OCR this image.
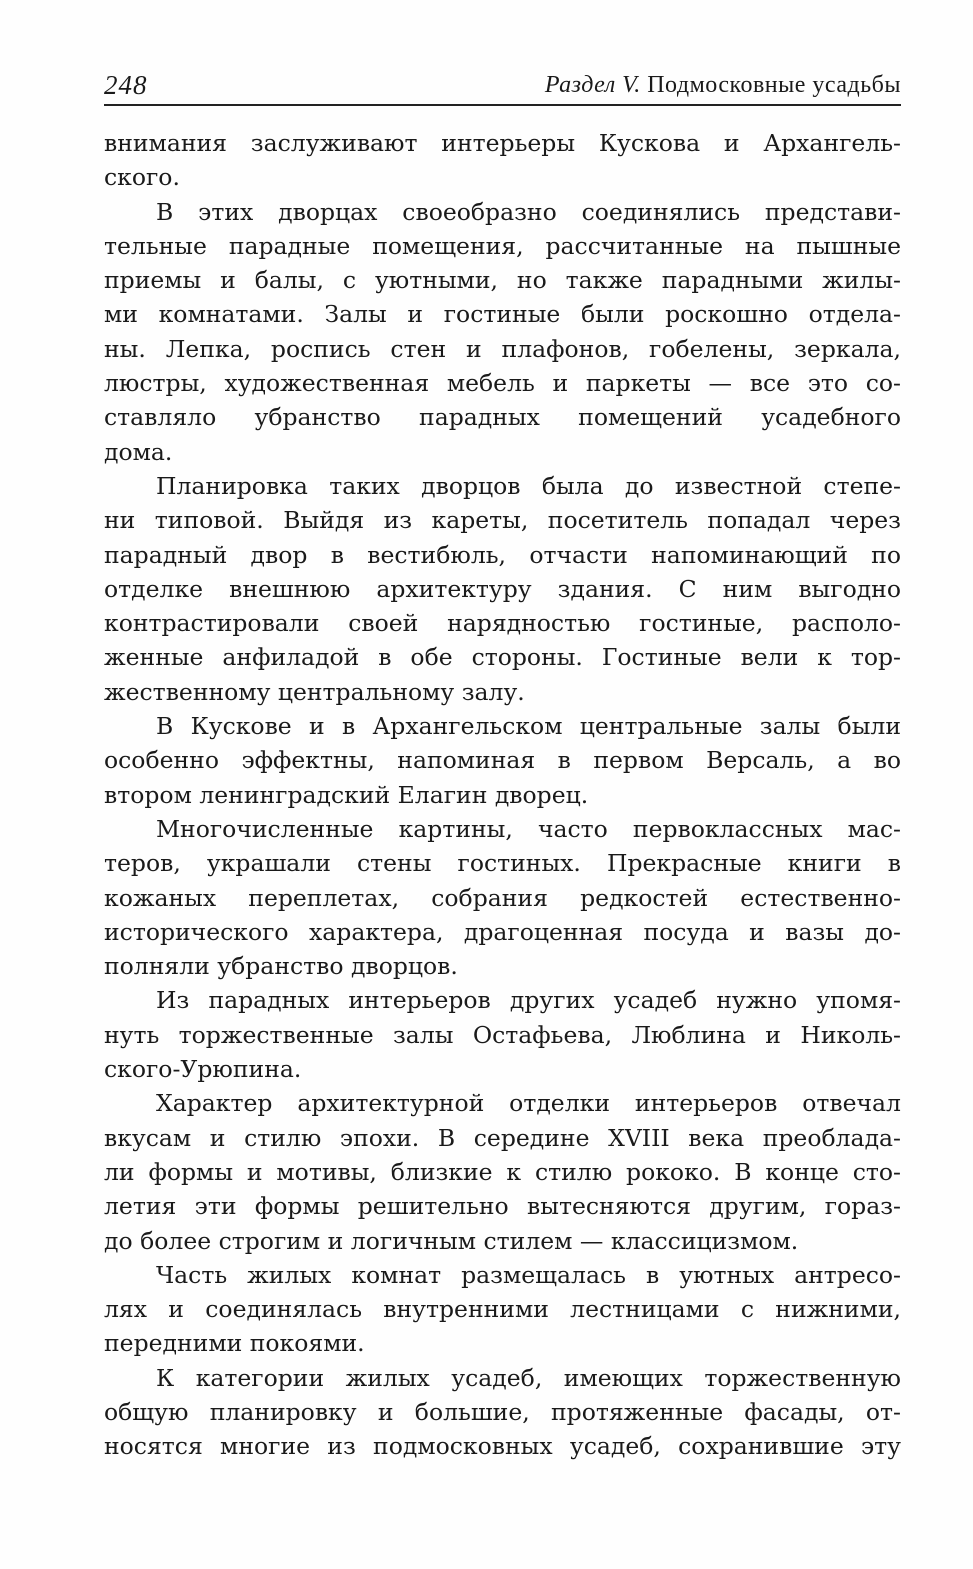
248	Раздел V. Подмосковные усадьбы
внимания заслуживают интерьеры Кускова и Архангель-
ского.
В этих дворцах своеобразно соединялись представи-
тельные парадные помещения, рассчитанные на пышные
приемы и балы, с уютными, но также парадными жилы-
ми комнатами. Залы и гостиные были роскошно отдела-
ны. Лепка, роспись стен и плафонов, гобелены, зеркала,
люстры, художественная мебель и паркеты — все это со-
ставляло убранство парадных помещений усадебного
дома.
Планировка таких дворцов была до известной степе-
ни типовой. Выйдя из кареты, посетитель попадал через
парадный двор в вестибюль, отчасти напоминающий по
отделке внешнюю архитектуру здания. С ним выгодно
контрастировали своей нарядностью гостиные, располо-
женные анфиладой в обе стороны. Гостиные вели к тор-
жественному центральному залу.
В Кускове и в Архангельском центральные залы были
особенно эффектны, напоминая в первом Версаль, а во
втором ленинградский Елагин дворец.
Многочисленные картины, часто первоклассных мас-
теров, украшали стены гостиных. Прекрасные книги в
кожаных переплетах, собрания редкостей естественно-
исторического характера, драгоценная посуда и вазы до-
полняли убранство дворцов.
Из парадных интерьеров других усадеб нужно упомя-
нуть торжественные залы Остафьева, Люблина и Николь-
ского-Урюпина.
Характер архитектурной отделки интерьеров отвечал
вкусам и стилю эпохи. В середине XVIII века преоблада-
ли формы и мотивы, близкие к стилю рококо. В конце сто-
летия эти формы решительно вытесняются другим, гораз-
до более строгим и логичным стилем — классицизмом.
Часть жилых комнат размещалась в уютных антресо-
лях и соединялась внутренними лестницами с нижними,
передними покоями.
К категории жилых усадеб, имеющих торжественную
общую планировку и большие, протяженные фасады, от-
носятся многие из подмосковных усадеб, сохранившие эту
